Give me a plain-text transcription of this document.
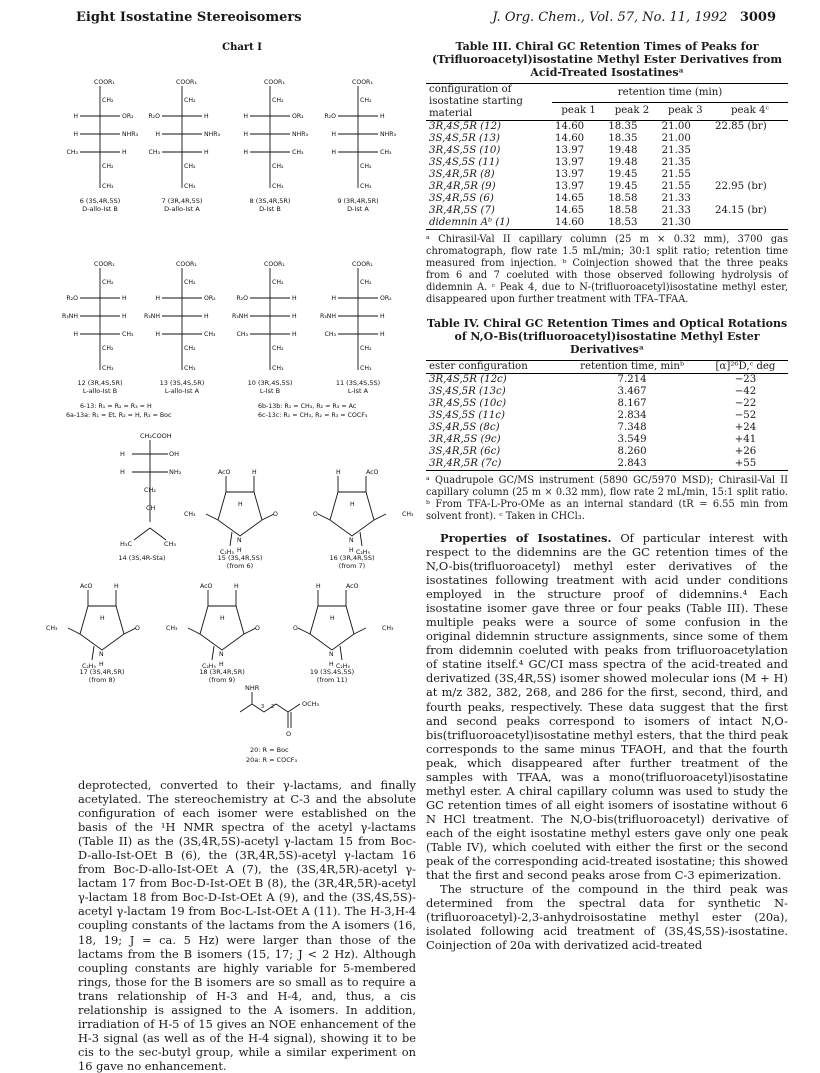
Eight Isostatine Stereoisomers	J. Org. Chem., Vol. 57, No. 11, 1992 3009
Chart I
COOR₁
CH₂
CH₂
CH₃
H	OR₂
H	NHR₃
CH₃	H
COOR₁
CH₂
CH₂
CH₃
R₂O	H
H	NHR₃
CH₃	H
COOR₁
CH₂
CH₂
CH₃
H	OR₂
H	NHR₃
H	CH₃
COOR₁
CH₂
CH₂
CH₃
R₂O	H
H	NHR₃
H	CH₃
COOR₁
CH₂
CH₂
CH₃
R₂O	H
R₃NH	H
H	CH₃
COOR₁
CH₂
CH₂
CH₃
H	OR₂
R₃NH	H
H	CH₃
COOR₁
CH₂
CH₂
CH₃
R₂O	H
R₃NH	H
CH₃	H
COOR₁
CH₂
CH₂
CH₃
H	OR₂
R₃NH	H
CH₃	H
6 (3S,4R,5S)
D-allo-Ist B
7 (3R,4R,5S)
D-allo-Ist A
8 (3S,4R,5R)
D-Ist B
9 (3R,4R,5R)
D-Ist A
12 (3R,4S,5R)
L-allo-Ist B
13 (3S,4S,5R)
L-allo-Ist A
10 (3R,4S,5S)
L-Ist B
11 (3S,4S,5S)
L-Ist A
6-13: R₁ = R₂ = R₃ = H
6a-13a: R₁ = Et, R₂ = H, R₃ = Boc
6b-13b: R₁ = CH₃, R₂ = R₃ = Ac
6c-13c: R₁ = CH₃, R₂ = R₃ = COCF₃
CH₂COOH
H	OH
H	NH₂
CH₂
CH
H₃C	CH₃
14 (3S,4R-Sta)
N
H
C₂H₅
O
CH₃
AcO	H
H
N
H C₂H₅
O	CH₃
AcO
H
H
N
H
C₂H₅
O
CH₃
AcO	H
H
N
H
C₂H₅
O
CH₃
AcO	H
H
N
H C₂H₅
O	CH₃
AcO
H
H
15 (3S,4R,5S)
(from 6)
16 (3R,4R,5S)
(from 7)
17 (3S,4R,5R)
(from 8)
18 (3R,4R,5R)
(from 9)
19 (3S,4S,5S)
(from 11)
NHR
OCH₃
O
3 2
20: R = Boc
20a: R = COCF₃

deprotected, converted to their γ-lactams, and finally acetylated. The stereochemistry at C-3 and the absolute configuration of each isomer were established on the basis of the ¹H NMR spectra of the acetyl γ-lactams (Table II) as the (3S,4R,5S)-acetyl γ-lactam 15 from Boc-D-allo-Ist-OEt B (6), the (3R,4R,5S)-acetyl γ-lactam 16 from Boc-D-allo-Ist-OEt A (7), the (3S,4R,5R)-acetyl γ-lactam 17 from Boc-D-Ist-OEt B (8), the (3R,4R,5R)-acetyl γ-lactam 18 from Boc-D-Ist-OEt A (9), and the (3S,4S,5S)-acetyl γ-lactam 19 from Boc-L-Ist-OEt A (11). The H-3,H-4 coupling constants of the lactams from the A isomers (16, 18, 19; J = ca. 5 Hz) were larger than those of the lactams from the B isomers (15, 17; J < 2 Hz). Although coupling constants are highly variable for 5-membered rings, those for the B isomers are so small as to require a trans relationship of H-3 and H-4, and, thus, a cis relationship is assigned to the A isomers. In addition, irradiation of H-5 of 15 gives an NOE enhancement of the H-3 signal (as well as of the H-4 signal), showing it to be cis to the sec-butyl group, while a similar experiment on 16 gave no enhancement.

Table III. Chiral GC Retention Times of Peaks for (Trifluoroacetyl)isostatine Methyl Ester Derivatives from Acid-Treated Isostatinesᵃ
configuration of isostatine starting material	retention time (min)			
	peak 1	peak 2	peak 3	peak 4ᶜ
3R,4S,5R (12)	14.60	18.35	21.00	22.85 (br)
3S,4S,5R (13)	14.60	18.35	21.00	
3R,4S,5S (10)	13.97	19.48	21.35	
3S,4S,5S (11)	13.97	19.48	21.35	
3S,4R,5R (8)	13.97	19.45	21.55	
3R,4R,5R (9)	13.97	19.45	21.55	22.95 (br)
3S,4R,5S (6)	14.65	18.58	21.33	
3R,4R,5S (7)	14.65	18.58	21.33	24.15 (br)
didemnin Aᵇ (1)	14.60	18.53	21.30	
ᵃ Chirasil-Val II capillary column (25 m × 0.32 mm), 3700 gas chromatograph, flow rate 1.5 mL/min; 30:1 split ratio; retention time measured from injection. ᵇ Coinjection showed that the three peaks from 6 and 7 coeluted with those observed following hydrolysis of didemnin A. ᶜ Peak 4, due to N-(trifluoroacetyl)isostatine methyl ester, disappeared upon further treatment with TFA–TFAA.
Table IV. Chiral GC Retention Times and Optical Rotations of N,O-Bis(trifluoroacetyl)isostatine Methyl Ester Derivativesᵃ
ester configuration	retention time, minᵇ	[α]²⁶D,ᶜ deg
3R,4S,5R (12c)	7.214	−23
3S,4S,5R (13c)	3.467	−42
3R,4S,5S (10c)	8.167	−22
3S,4S,5S (11c)	2.834	−52
3S,4R,5S (8c)	7.348	+24
3R,4R,5S (9c)	3.549	+41
3S,4R,5R (6c)	8.260	+26
3R,4R,5R (7c)	2.843	+55
ᵃ Quadrupole GC/MS instrument (5890 GC/5970 MSD); Chirasil-Val II capillary column (25 m × 0.32 mm), flow rate 2 mL/min, 15:1 split ratio. ᵇ From TFA-L-Pro-OMe as an internal standard (tR = 6.55 min from solvent front). ᶜ Taken in CHCl₃.

Properties of Isostatines. Of particular interest with respect to the didemnins are the GC retention times of the N,O-bis(trifluoroacetyl) methyl ester derivatives of the isostatines following treatment with acid under conditions employed in the structure proof of didemnins.⁴ Each isostatine isomer gave three or four peaks (Table III). These multiple peaks were a source of some confusion in the original didemnin structure assignments, since some of them from didemnin coeluted with peaks from trifluoroacetylation of statine itself.⁴ GC/CI mass spectra of the acid-treated and derivatized (3S,4R,5S) isomer showed molecular ions (M + H) at m/z 382, 382, 268, and 286 for the first, second, third, and fourth peaks, respectively. These data suggest that the first and second peaks correspond to isomers of intact N,O-bis(trifluoroacetyl)isostatine methyl esters, that the third peak corresponds to the same minus TFAOH, and that the fourth peak, which disappeared after further treatment of the samples with TFAA, was a mono(trifluoroacetyl)isostatine methyl ester. A chiral capillary column was used to study the GC retention times of all eight isomers of isostatine without 6 N HCl treatment. The N,O-bis(trifluoroacetyl) derivative of each of the eight isostatine methyl esters gave only one peak (Table IV), which coeluted with either the first or the second peak of the corresponding acid-treated isostatine; this showed that the first and second peaks arose from C-3 epimerization.

The structure of the compound in the third peak was determined from the spectral data for synthetic N-(trifluoroacetyl)-2,3-anhydroisostatine methyl ester (20a), isolated following acid treatment of (3S,4S,5S)-isostatine. Coinjection of 20a with derivatized acid-treated
